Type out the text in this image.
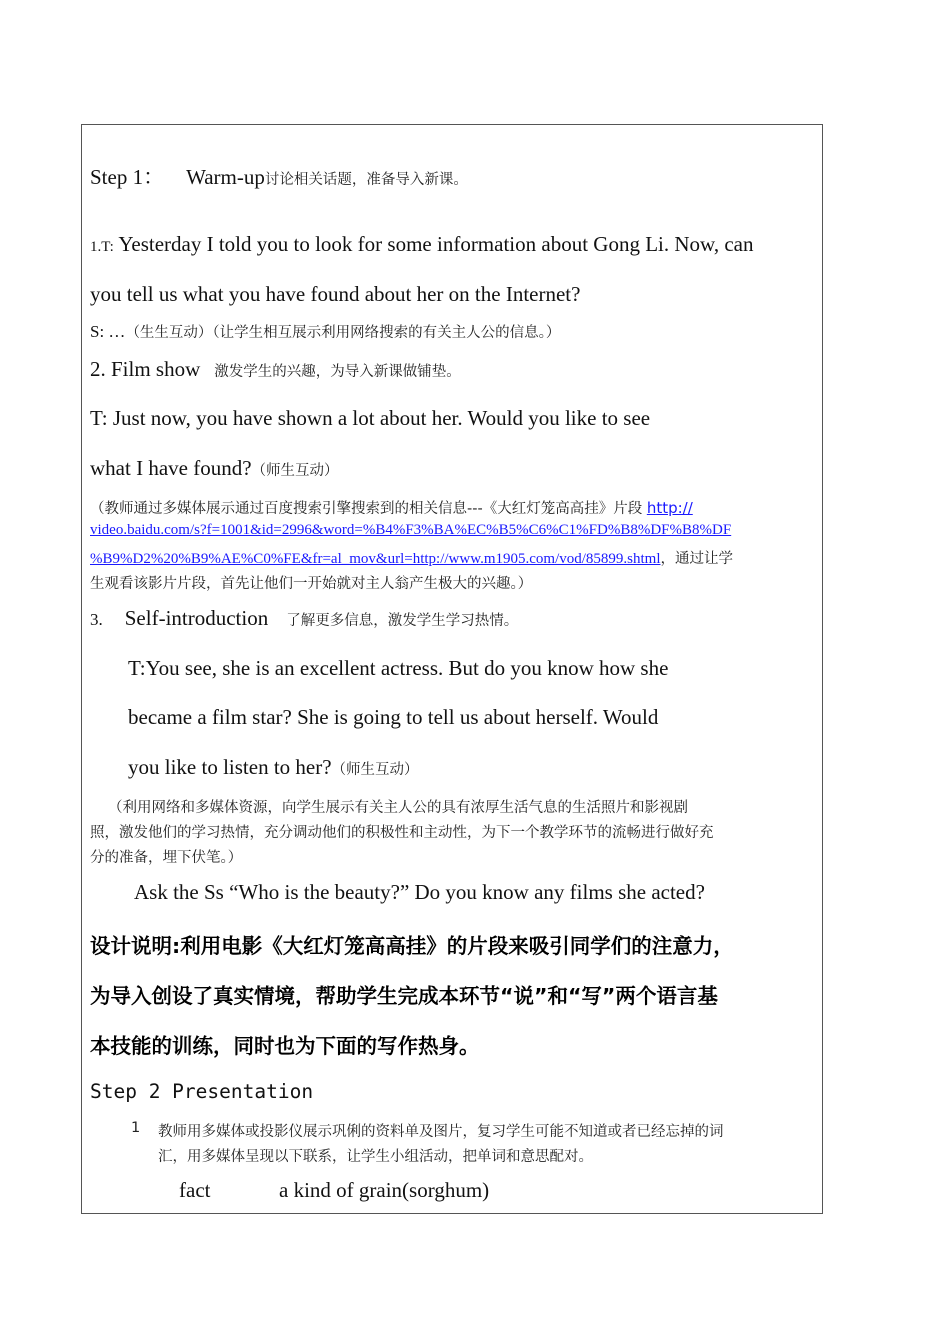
Step 1： Warm-up讨论相关话题，准备导入新课。
1.T: Yesterday I told you to look for some information about Gong Li. Now, can
you tell us what you have found about her on the Internet?
S: …（生生互动）（让学生相互展示利用网络搜索的有关主人公的信息。）
2. Film show 激发学生的兴趣，为导入新课做铺垫。
T: Just now, you have shown a lot about her. Would you like to see
what I have found?（师生互动）
（教师通过多媒体展示通过百度搜索引擎搜索到的相关信息---《大红灯笼高高挂》片段 http://
video.baidu.com/s?f=1001&id=2996&word=%B4%F3%BA%EC%B5%C6%C1%FD%B8%DF%B8%DF
%B9%D2%20%B9%AE%C0%FE&fr=al_mov&url=http://www.m1905.com/vod/85899.shtml，通过让学
生观看该影片片段，首先让他们一开始就对主人翁产生极大的兴趣。）
3. Self-introduction 了解更多信息，激发学生学习热情。
T:You see, she is an excellent actress. But do you know how she
became a film star? She is going to tell us about herself. Would
you like to listen to her?（师生互动）
（利用网络和多媒体资源，向学生展示有关主人公的具有浓厚生活气息的生活照片和影视剧
照，激发他们的学习热情，充分调动他们的积极性和主动性，为下一个教学环节的流畅进行做好充
分的准备，埋下伏笔。）
Ask the Ss “Who is the beauty?” Do you know any films she acted?
设计说明:利用电影《大红灯笼高高挂》的片段来吸引同学们的注意力，
为导入创设了真实情境，帮助学生完成本环节“说”和“写”两个语言基
本技能的训练，同时也为下面的写作热身。
Step 2 Presentation
1 教师用多媒体或投影仪展示巩俐的资料单及图片，复习学生可能不知道或者已经忘掉的词
汇，用多媒体呈现以下联系，让学生小组活动，把单词和意思配对。
fact	a kind of grain(sorghum)
